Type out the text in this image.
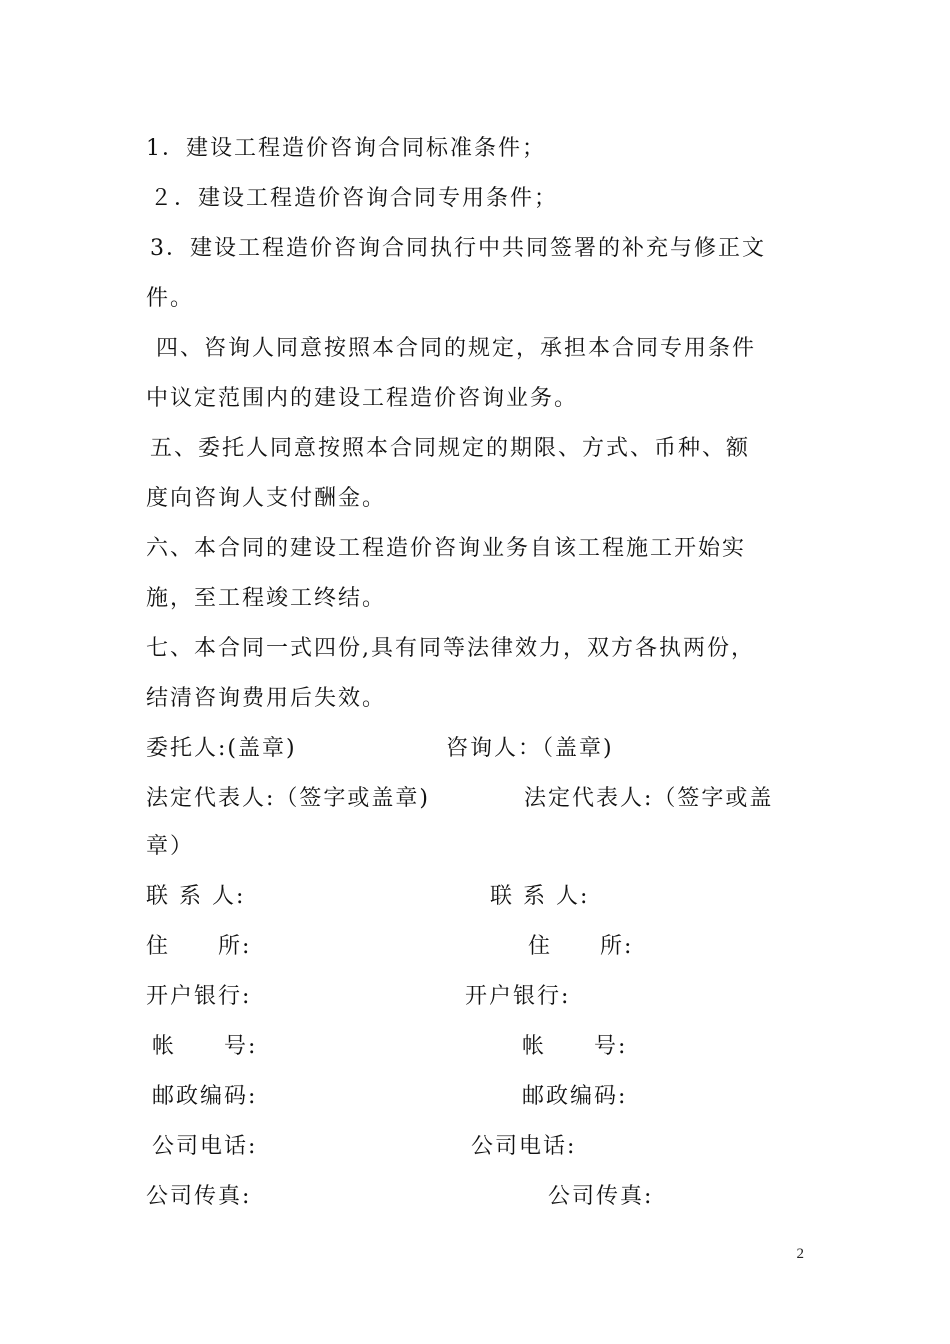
1．建设工程造价咨询合同标准条件；
２．建设工程造价咨询合同专用条件；
3．建设工程造价咨询合同执行中共同签署的补充与修正文
件。
四、咨询人同意按照本合同的规定，承担本合同专用条件
中议定范围内的建设工程造价咨询业务。
五、委托人同意按照本合同规定的期限、方式、币种、额
度向咨询人支付酬金。
六、本合同的建设工程造价咨询业务自该工程施工开始实
施，至工程竣工终结。
七、本合同一式四份,具有同等法律效力，双方各执两份，
结清咨询费用后失效。
委托人:(盖章)	咨询人：（盖章)
法定代表人:（签字或盖章)	法定代表人:（签字或盖
章）
联 系 人:	联 系 人:
住　　所:	住　　所:
开户银行:	开户银行:
帐　　号:	帐　　号:
邮政编码:	邮政编码:
公司电话:	公司电话:
公司传真:	公司传真:
2
